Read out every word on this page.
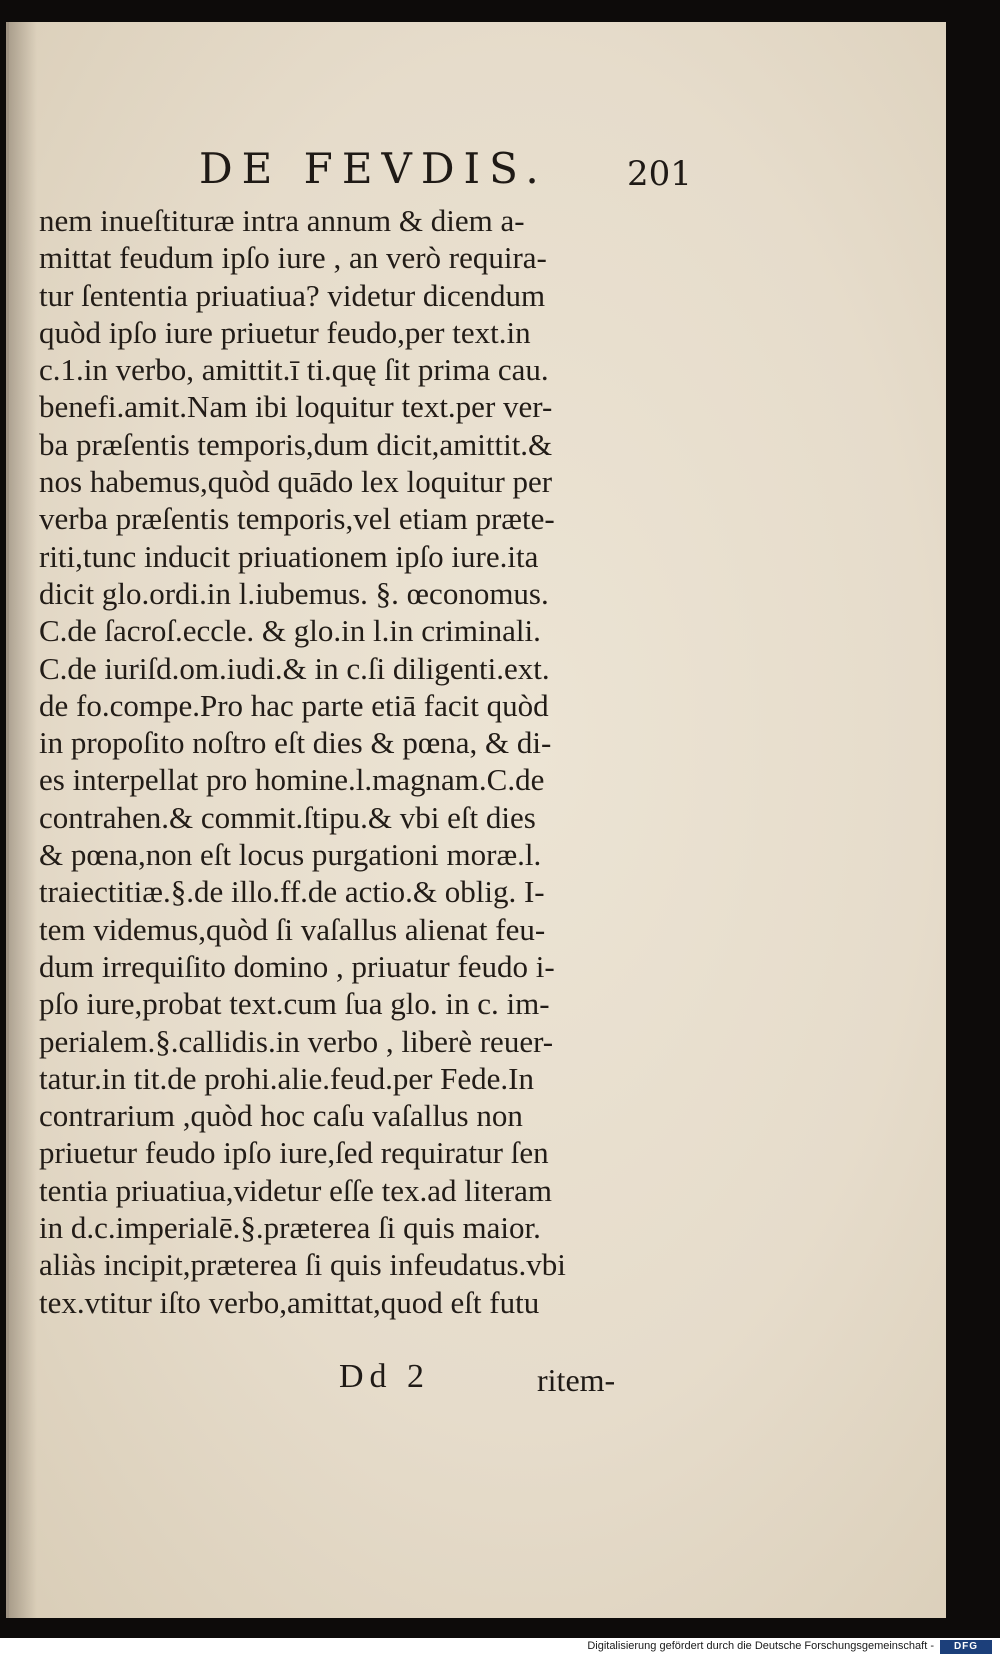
DE FEVDIS. 201
nem inueſtituræ intra annum & diem a-
mittat feudum ipſo iure , an verò requira-
tur ſententia priuatiua? videtur dicendum
quòd ipſo iure priuetur feudo,per text.in
c.1.in verbo, amittit.ī ti.quę ſit prima cau.
benefi.amit.Nam ibi loquitur text.per ver-
ba præſentis temporis,dum dicit,amittit.&
nos habemus,quòd quādo lex loquitur per
verba præſentis temporis,vel etiam præte-
riti,tunc inducit priuationem ipſo iure.ita
dicit glo.ordi.in l.iubemus. §. œconomus.
C.de ſacroſ.eccle. & glo.in l.in criminali.
C.de iuriſd.om.iudi.& in c.ſi diligenti.ext.
de fo.compe.Pro hac parte etiā facit quòd
in propoſito noſtro eſt dies & pœna, & di-
es interpellat pro homine.l.magnam.C.de
contrahen.& commit.ſtipu.& vbi eſt dies
& pœna,non eſt locus purgationi moræ.l.
traiectitiæ.§.de illo.ff.de actio.& oblig. I-
tem videmus,quòd ſi vaſallus alienat feu-
dum irrequiſito domino , priuatur feudo i-
pſo iure,probat text.cum ſua glo. in c. im-
perialem.§.callidis.in verbo , liberè reuer-
tatur.in tit.de prohi.alie.feud.per Fede.In
contrarium ,quòd hoc caſu vaſallus non
priuetur feudo ipſo iure,ſed requiratur ſen
tentia priuatiua,videtur eſſe tex.ad literam
in d.c.imperialē.§.præterea ſi quis maior.
aliàs incipit,præterea ſi quis infeudatus.vbi
tex.vtitur iſto verbo,amittat,quod eſt futu
Dd 2	ritem-
Digitalisierung gefördert durch die Deutsche Forschungsgemeinschaft -	DFG
